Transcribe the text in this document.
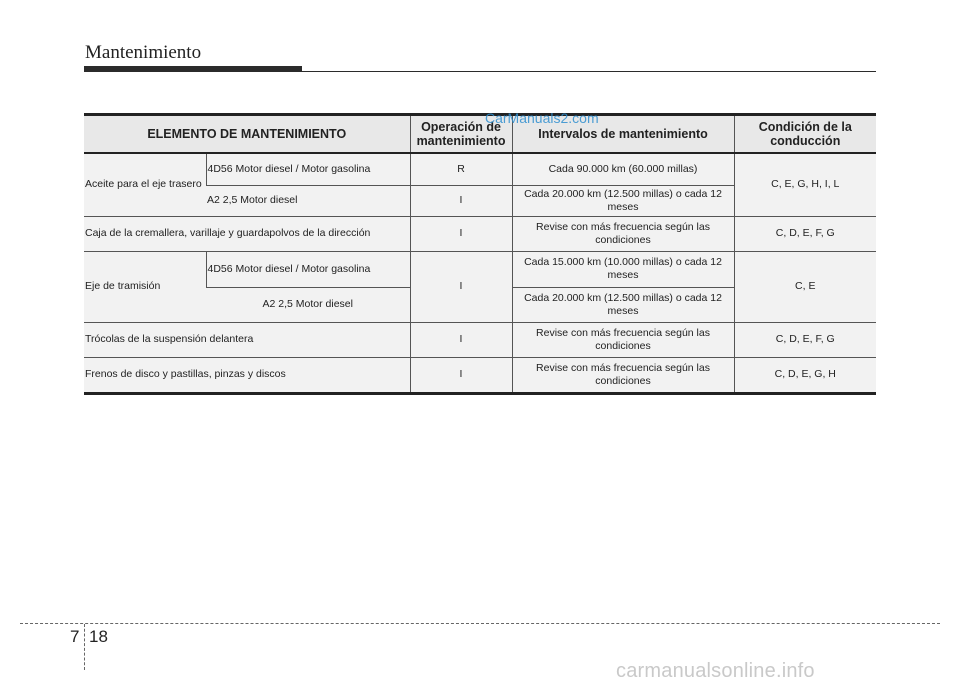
Mantenimiento
ELEMENTO DE MANTENIMIENTO		Operación de mantenimiento	Intervalos de mantenimiento	Condición de la conducción
Aceite para el eje trasero	4D56 Motor diesel / Motor gasolina	R	Cada 90.000 km (60.000 millas)	C, E, G, H, I, L
	A2 2,5 Motor diesel	I	Cada 20.000 km (12.500 millas) o cada 12 meses	
Caja de la cremallera, varillaje y guardapolvos de la dirección		I	Revise con más frecuencia según las condiciones	C, D, E, F, G
Eje de tramisión	4D56 Motor diesel / Motor gasolina	I	Cada 15.000 km (10.000 millas) o cada 12 meses	C, E
	A2 2,5 Motor diesel		Cada 20.000 km (12.500 millas) o cada 12 meses	
Trócolas de la suspensión delantera		I	Revise con más frecuencia según las condiciones	C, D, E, F, G
Frenos de disco y pastillas, pinzas y discos		I	Revise con más frecuencia según las condiciones	C, D, E, G, H
CarManuals2.com
7 18
carmanualsonline.info
